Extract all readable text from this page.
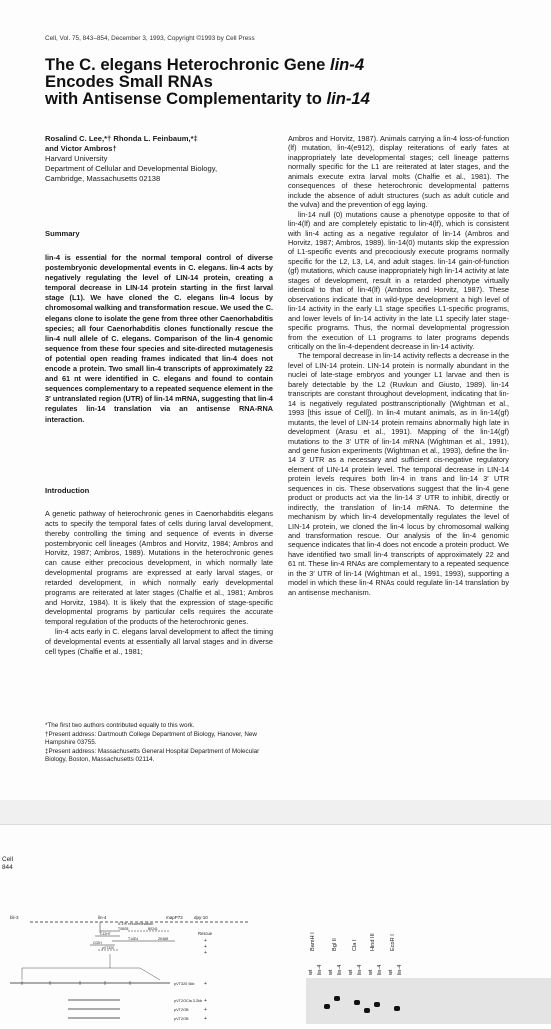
Cell, Vol. 75, 843–854, December 3, 1993, Copyright ©1993 by Cell Press
The C. elegans Heterochronic Gene lin-4
Encodes Small RNAs
with Antisense Complementarity to lin-14
Rosalind C. Lee,*† Rhonda L. Feinbaum,*‡
and Victor Ambros†
Harvard University
Department of Cellular and Developmental Biology,
Cambridge, Massachusetts 02138
Summary
lin-4 is essential for the normal temporal control of diverse postembryonic developmental events in C. elegans. lin-4 acts by negatively regulating the level of LIN-14 protein, creating a temporal decrease in LIN-14 protein starting in the first larval stage (L1). We have cloned the C. elegans lin-4 locus by chromosomal walking and transformation rescue. We used the C. elegans clone to isolate the gene from three other Caenorhabditis species; all four Caenorhabditis clones functionally rescue the lin-4 null allele of C. elegans. Comparison of the lin-4 genomic sequence from these four species and site-directed mutagenesis of potential open reading frames indicated that lin-4 does not encode a protein. Two small lin-4 transcripts of approximately 22 and 61 nt were identified in C. elegans and found to contain sequences complementary to a repeated sequence element in the 3′ untranslated region (UTR) of lin-14 mRNA, suggesting that lin-4 regulates lin-14 translation via an antisense RNA-RNA interaction.
Introduction

A genetic pathway of heterochronic genes in Caenorhabditis elegans acts to specify the temporal fates of cells during larval development, thereby controlling the timing and sequence of events in diverse postembryonic cell lineages (Ambros and Horvitz, 1984; Ambros and Horvitz, 1987; Ambros, 1989). Mutations in the heterochronic genes can cause either precocious development, in which normally late developmental programs are expressed at early larval stages, or retarded development, in which normally early developmental programs are reiterated at later stages (Chalfie et al., 1981; Ambros and Horvitz, 1984). It is likely that the expression of stage-specific developmental programs by particular cells requires the accurate temporal regulation of the products of the heterochronic genes.

lin-4 acts early in C. elegans larval development to affect the timing of developmental events at essentially all larval stages and in diverse cell types (Chalfie et al., 1981;

*The first two authors contributed equally to this work.

†Present address: Dartmouth College Department of Biology, Hanover, New Hampshire 03755.

‡Present address: Massachusetts General Hospital Department of Molecular Biology, Boston, Massachusetts 02114.

Ambros and Horvitz, 1987). Animals carrying a lin-4 loss-of-function (lf) mutation, lin-4(e912), display reiterations of early fates at inappropriately late developmental stages; cell lineage patterns normally specific for the L1 are reiterated at later stages, and the animals execute extra larval molts (Chalfie et al., 1981). The consequences of these heterochronic developmental patterns include the absence of adult structures (such as adult cuticle and the vulva) and the prevention of egg laying.

lin-14 null (0) mutations cause a phenotype opposite to that of lin-4(lf) and are completely epistatic to lin-4(lf), which is consistent with lin-4 acting as a negative regulator of lin-14 (Ambros and Horvitz, 1987; Ambros, 1989). lin-14(0) mutants skip the expression of L1-specific events and precociously execute programs normally specific for the L2, L3, L4, and adult stages. lin-14 gain-of-function (gf) mutations, which cause inappropriately high lin-14 activity at late stages of development, result in a retarded phenotype virtually identical to that of lin-4(lf) (Ambros and Horvitz, 1987). These observations indicate that in wild-type development a high level of lin-14 activity in the early L1 stage specifies L1-specific programs, and lower levels of lin-14 activity in the late L1 specify later stage-specific programs. Thus, the normal developmental progression from the execution of L1 programs to later programs depends critically on the lin-4-dependent decrease in lin-14 activity.

The temporal decrease in lin-14 activity reflects a decrease in the level of LIN-14 protein. LIN-14 protein is normally abundant in the nuclei of late-stage embryos and younger L1 larvae and then is barely detectable by the L2 (Ruvkun and Giusto, 1989). lin-14 transcripts are constant throughout development, indicating that lin-14 is negatively regulated posttranscriptionally (Wightman et al., 1993 [this issue of Cell]). In lin-4 mutant animals, as in lin-14(gf) mutants, the level of LIN-14 protein remains abnormally high late in development (Arasu et al., 1991). Mapping of the lin-14(gf) mutations to the 3′ UTR of lin-14 mRNA (Wightman et al., 1991), and gene fusion experiments (Wightman et al., 1993), define the lin-14 3′ UTR as a necessary and sufficient cis-negative regulatory element of LIN-14 protein level. The temporal decrease in LIN-14 protein levels requires both lin-4 in trans and lin-14 3′ UTR sequences in cis. These observations suggest that the lin-4 gene product or products act via the lin-14 3′ UTR to inhibit, directly or indirectly, the translation of lin-14 mRNA. To determine the mechanism by which lin-4 developmentally regulates the level of LIN-14 protein, we cloned the lin-4 locus by chromosomal walking and transformation rescue. Our analysis of the lin-4 genomic sequence indicates that lin-4 does not encode a protein product. We have identified two small lin-4 transcripts of approximately 22 and 61 nt. These lin-4 RNAs are complementary to a repeated sequence in the 3′ UTR of lin-14 (Wightman et al., 1991, 1993), supporting a model in which these lin-4 RNAs could regulate lin-14 translation by an antisense mechanism.

Cell
844
bli-3	lin-4
0.1% recombination
mapP72 dpy-10
T08G8	B0241
C12H7
T14E4	ZK468
C02H
pVT320
Rescue
+
+
+
pVT320 5kb +
pVT2OCla 3.2kb +
pVT2OB	+
pVT2OB	+
BamH I	Bgl II	Cla I Hind III	EcoR I
wt lin-4 wt lin-4 wt lin-4 wt lin-4 wt lin-4
